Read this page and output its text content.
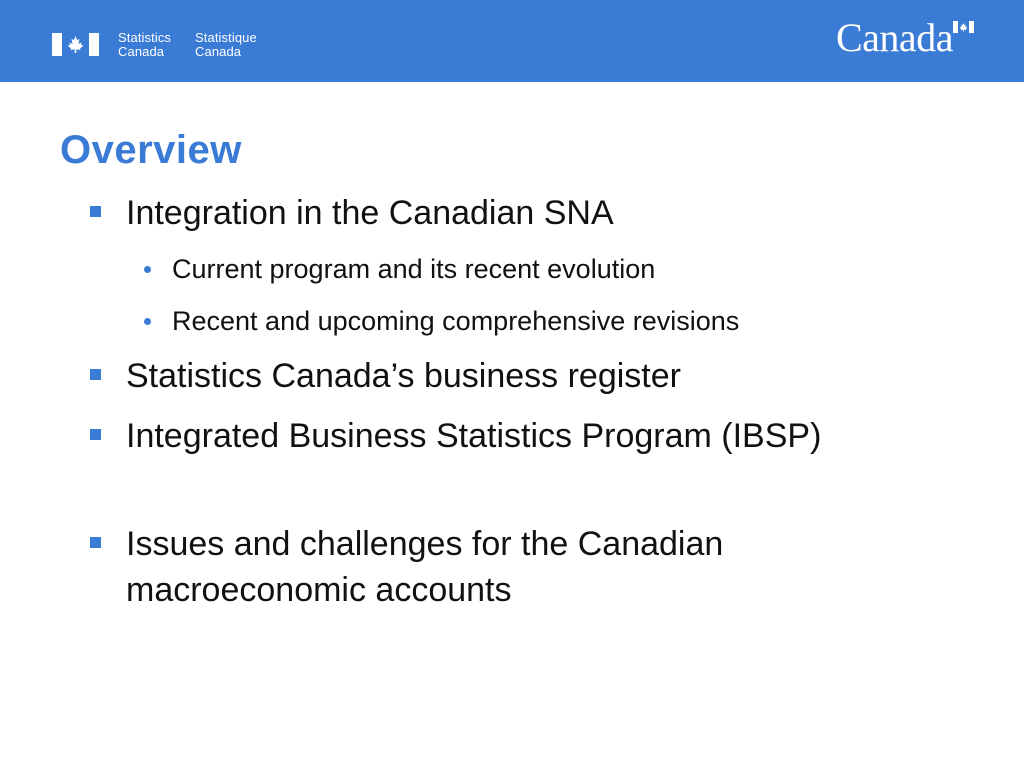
Statistics
Canada
Statistique
Canada	Canada
Overview
Integration in the Canadian SNA
Current program and its recent evolution
Recent and upcoming comprehensive revisions
Statistics Canada’s business register
Integrated Business Statistics Program (IBSP)
Issues and challenges for the Canadian macroeconomic accounts
